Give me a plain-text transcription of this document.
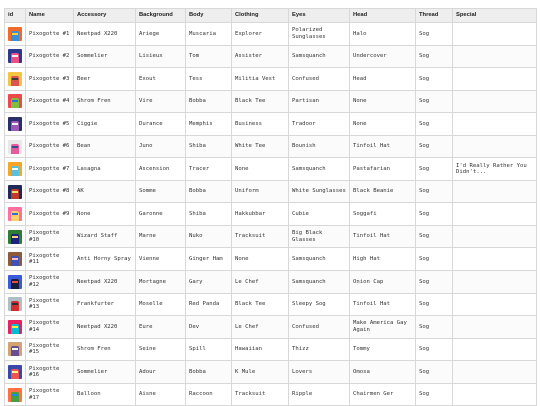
id	Name	Accessory	Background	Body	Clothing	Eyes	Head	Thread	Special

	Pixogotte #1	Neetpad X220	Ariege	Muscaria	Explorer	Polarized Sunglasses	Halo	Sog	

	Pixogotte #2	Sommelier	Lisieux	Tom	Assister	Samsquanch	Undercover	Sog	

	Pixogotte #3	Beer	Exout	Tess	Militia Vest	Confused	Head	Sog	

	Pixogotte #4	Shrom Fren	Vire	Bobba	Black Tee	Partisan	None	Sog	

	Pixogotte #5	Ciggie	Durance	Memphis	Business	Tradoor	None	Sog	

	Pixogotte #6	Bean	Juno	Shiba	White Tee	Bounish	Tinfoil Hat	Sog	

	Pixogotte #7	Lasagna	Ascension	Tracer	None	Samsquanch	Pastafarian	Sog	I'd Really Rather You Didn't...

	Pixogotte #8	AK	Somme	Bobba	Uniform	White Sunglasses	Black Beanie	Sog	

	Pixogotte #9	None	Garonne	Shiba	Hakkubbar	Cubie	Soggafi	Sog	

	Pixogotte #10	Wizard Staff	Marne	Nuko	Tracksuit	Big Black Glasses	Tinfoil Hat	Sog	

	Pixogotte #11	Anti Horny Spray	Vienne	Ginger Ham	None	Samsquanch	High Hat	Sog	

	Pixogotte #12	Neetpad X220	Mortagne	Gary	Le Chef	Samsquanch	Onion Cap	Sog	

	Pixogotte #13	Frankfurter	Moselle	Red Panda	Black Tee	Sleepy Sog	Tinfoil Hat	Sog	

	Pixogotte #14	Neetpad X220	Eure	Dev	Le Chef	Confused	Make America Gay Again	Sog	

	Pixogotte #15	Shrom Fren	Seine	Spill	Hawaiian	Thizz	Tommy	Sog	

	Pixogotte #16	Sommelier	Adour	Bobba	K Mule	Lovers	Omosa	Sog	

	Pixogotte #17	Balloon	Aisne	Raccoon	Tracksuit	Ripple	Chairmen Ger	Sog	
